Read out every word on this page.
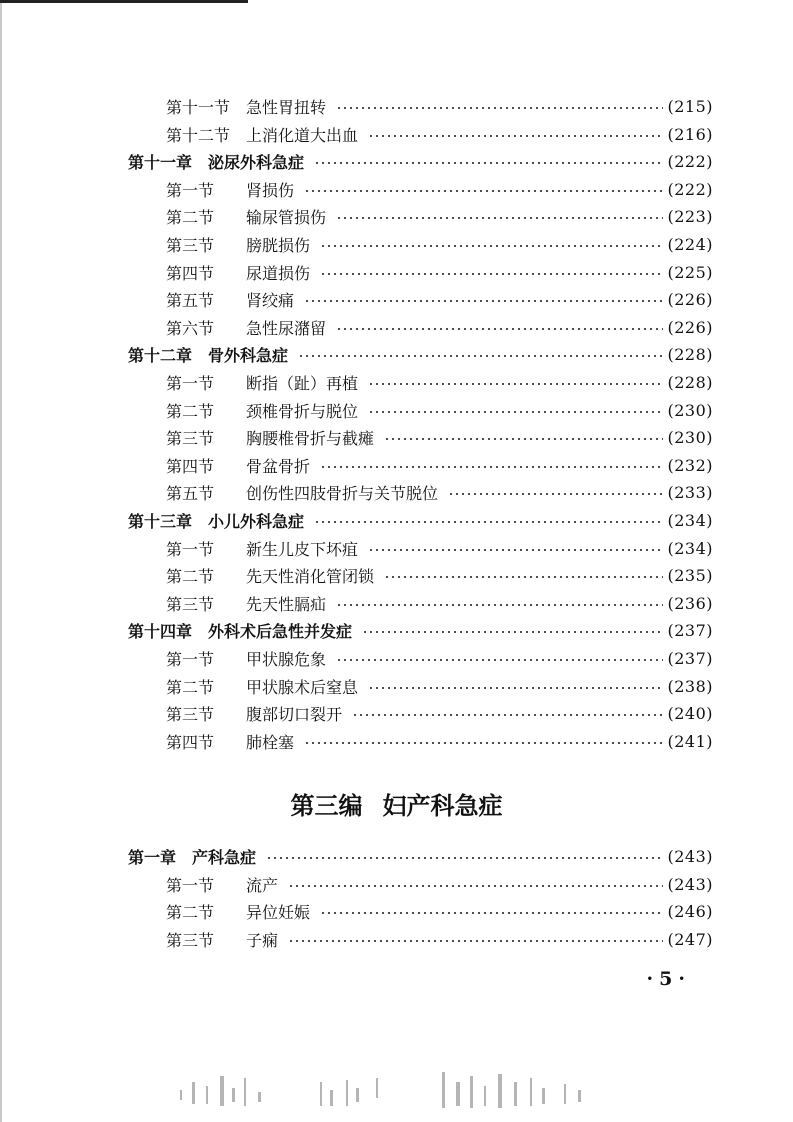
第十一节 急性胃扭转	(215)
第十二节 上消化道大出血	(216)
第十一章	泌尿外科急症	(222)
第一节	肾损伤	(222)
第二节	输尿管损伤	(223)
第三节	膀胱损伤	(224)
第四节	尿道损伤	(225)
第五节	肾绞痛	(226)
第六节	急性尿潴留	(226)
第十二章	骨外科急症	(228)
第一节	断指（趾）再植	(228)
第二节	颈椎骨折与脱位	(230)
第三节	胸腰椎骨折与截瘫	(230)
第四节	骨盆骨折	(232)
第五节	创伤性四肢骨折与关节脱位	(233)
第十三章	小儿外科急症	(234)
第一节	新生儿皮下坏疽	(234)
第二节	先天性消化管闭锁	(235)
第三节	先天性膈疝	(236)
第十四章	外科术后急性并发症	(237)
第一节	甲状腺危象	(237)
第二节	甲状腺术后窒息	(238)
第三节	腹部切口裂开	(240)
第四节	肺栓塞	(241)
第一章	产科急症	(243)
第一节	流产	(243)
第二节	异位妊娠	(246)
第三节	子痫	(247)
第三编 妇产科急症
·5·
